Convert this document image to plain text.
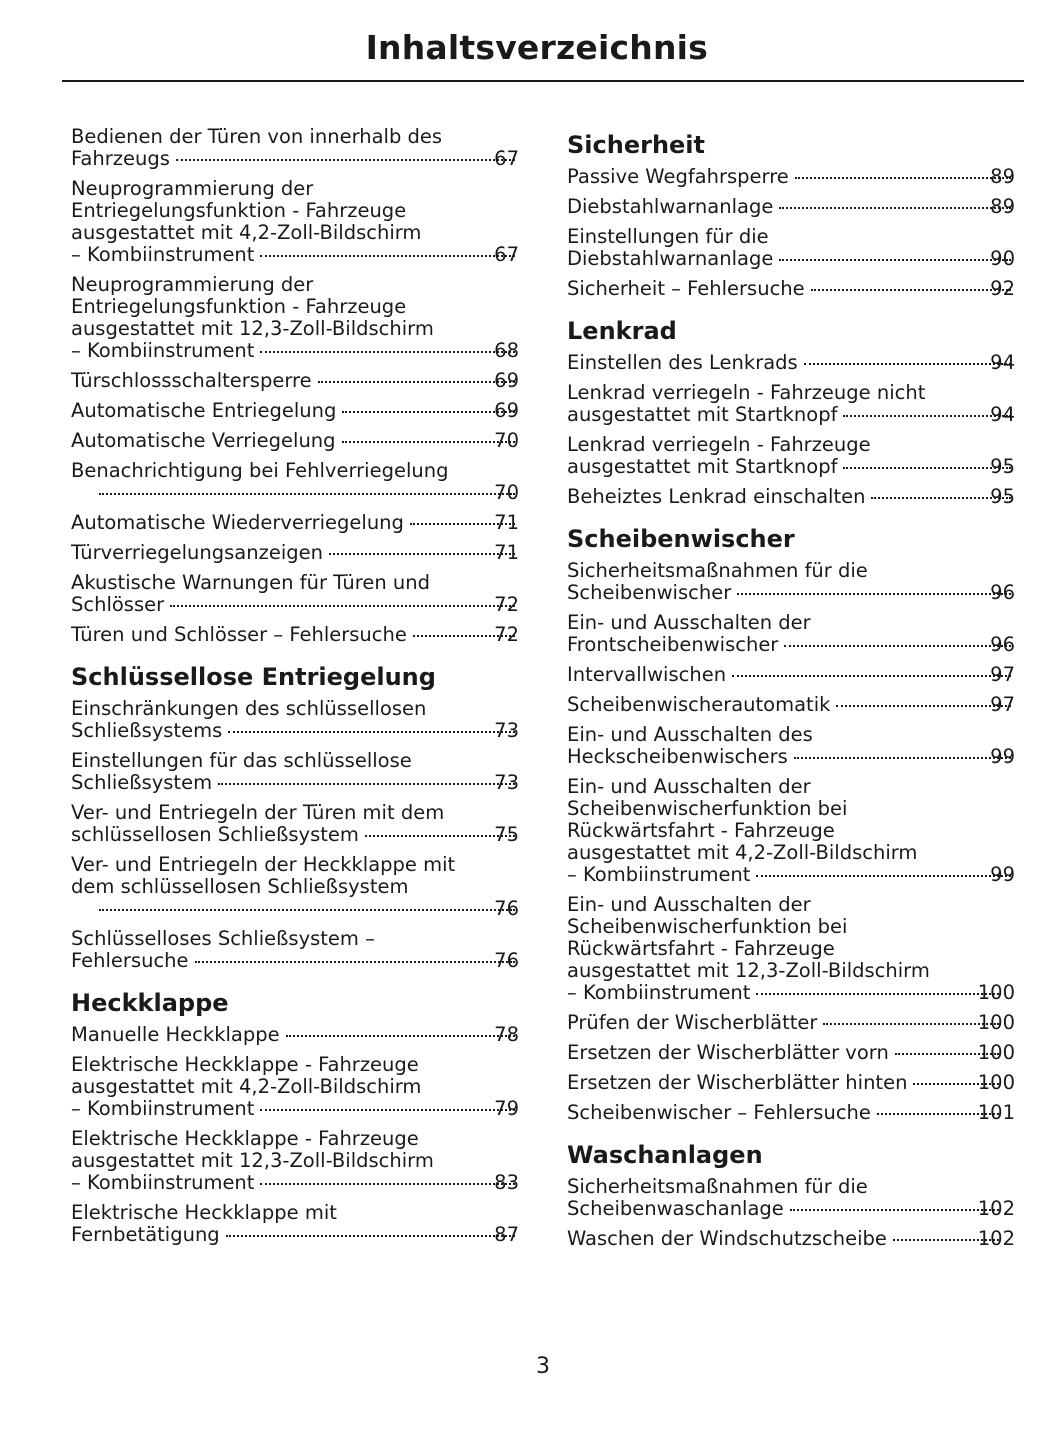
Inhaltsverzeichnis
Bedienen der Türen von innerhalb des
Fahrzeugs	67
Neuprogrammierung der
Entriegelungsfunktion - Fahrzeuge
ausgestattet mit 4,2-Zoll-Bildschirm
– Kombiinstrument	67
Neuprogrammierung der
Entriegelungsfunktion - Fahrzeuge
ausgestattet mit 12,3-Zoll-Bildschirm
– Kombiinstrument	68
Türschlossschaltersperre	69
Automatische Entriegelung	69
Automatische Verriegelung	70
Benachrichtigung bei Fehlverriegelung
70
Automatische Wiederverriegelung	71
Türverriegelungsanzeigen	71
Akustische Warnungen für Türen und
Schlösser	72
Türen und Schlösser – Fehlersuche	72
Schlüssellose Entriegelung
Einschränkungen des schlüssellosen
Schließsystems	73
Einstellungen für das schlüssellose
Schließsystem	73
Ver- und Entriegeln der Türen mit dem
schlüssellosen Schließsystem	75
Ver- und Entriegeln der Heckklappe mit
dem schlüssellosen Schließsystem
76
Schlüsselloses Schließsystem –
Fehlersuche	76
Heckklappe
Manuelle Heckklappe	78
Elektrische Heckklappe - Fahrzeuge
ausgestattet mit 4,2-Zoll-Bildschirm
– Kombiinstrument	79
Elektrische Heckklappe - Fahrzeuge
ausgestattet mit 12,3-Zoll-Bildschirm
– Kombiinstrument	83
Elektrische Heckklappe mit
Fernbetätigung	87
Sicherheit
Passive Wegfahrsperre	89
Diebstahlwarnanlage	89
Einstellungen für die
Diebstahlwarnanlage	90
Sicherheit – Fehlersuche	92
Lenkrad
Einstellen des Lenkrads	94
Lenkrad verriegeln - Fahrzeuge nicht
ausgestattet mit Startknopf	94
Lenkrad verriegeln - Fahrzeuge
ausgestattet mit Startknopf	95
Beheiztes Lenkrad einschalten	95
Scheibenwischer
Sicherheitsmaßnahmen für die
Scheibenwischer	96
Ein- und Ausschalten der
Frontscheibenwischer	96
Intervallwischen	97
Scheibenwischerautomatik	97
Ein- und Ausschalten des
Heckscheibenwischers	99
Ein- und Ausschalten der
Scheibenwischerfunktion bei
Rückwärtsfahrt - Fahrzeuge
ausgestattet mit 4,2-Zoll-Bildschirm
– Kombiinstrument	99
Ein- und Ausschalten der
Scheibenwischerfunktion bei
Rückwärtsfahrt - Fahrzeuge
ausgestattet mit 12,3-Zoll-Bildschirm
– Kombiinstrument	100
Prüfen der Wischerblätter	100
Ersetzen der Wischerblätter vorn	100
Ersetzen der Wischerblätter hinten	100
Scheibenwischer – Fehlersuche	101
Waschanlagen
Sicherheitsmaßnahmen für die
Scheibenwaschanlage	102
Waschen der Windschutzscheibe	102
3
